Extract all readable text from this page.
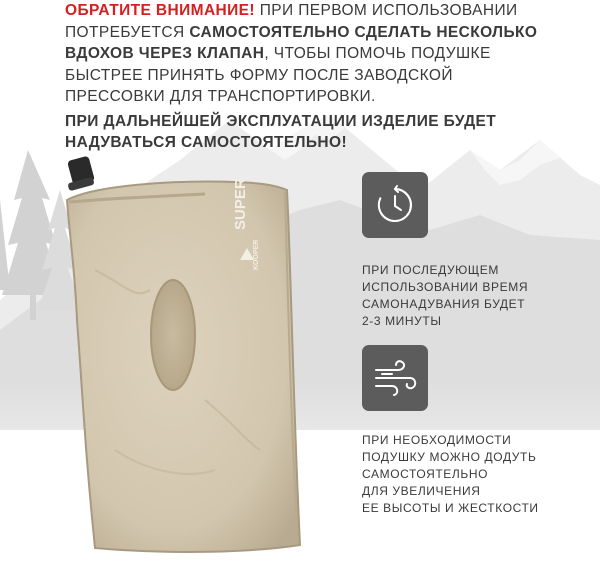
ОБРАТИТЕ ВНИМАНИЕ! ПРИ ПЕРВОМ ИСПОЛЬЗОВАНИИ ПОТРЕБУЕТСЯ САМОСТОЯТЕЛЬНО СДЕЛАТЬ НЕСКОЛЬКО ВДОХОВ ЧЕРЕЗ КЛАПАН, ЧТОБЫ ПОМОЧЬ ПОДУШКЕ БЫСТРЕЕ ПРИНЯТЬ ФОРМУ ПОСЛЕ ЗАВОДСКОЙ ПРЕССОВКИ ДЛЯ ТРАНСПОРТИРОВКИ.

ПРИ ДАЛЬНЕЙШЕЙ ЭКСПЛУАТАЦИИ ИЗДЕЛИЕ БУДЕТ НАДУВАТЬСЯ САМОСТОЯТЕЛЬНО!

SUPER
KOOPER	ПРИ ПОСЛЕДУЮЩЕМ
ИСПОЛЬЗОВАНИИ ВРЕМЯ
САМОНАДУВАНИЯ БУДЕТ
2-3 МИНУТЫ
ПРИ НЕОБХОДИМОСТИ
ПОДУШКУ МОЖНО ДОДУТЬ
САМОСТОЯТЕЛЬНО
ДЛЯ УВЕЛИЧЕНИЯ
ЕЕ ВЫСОТЫ И ЖЕСТКОСТИ
